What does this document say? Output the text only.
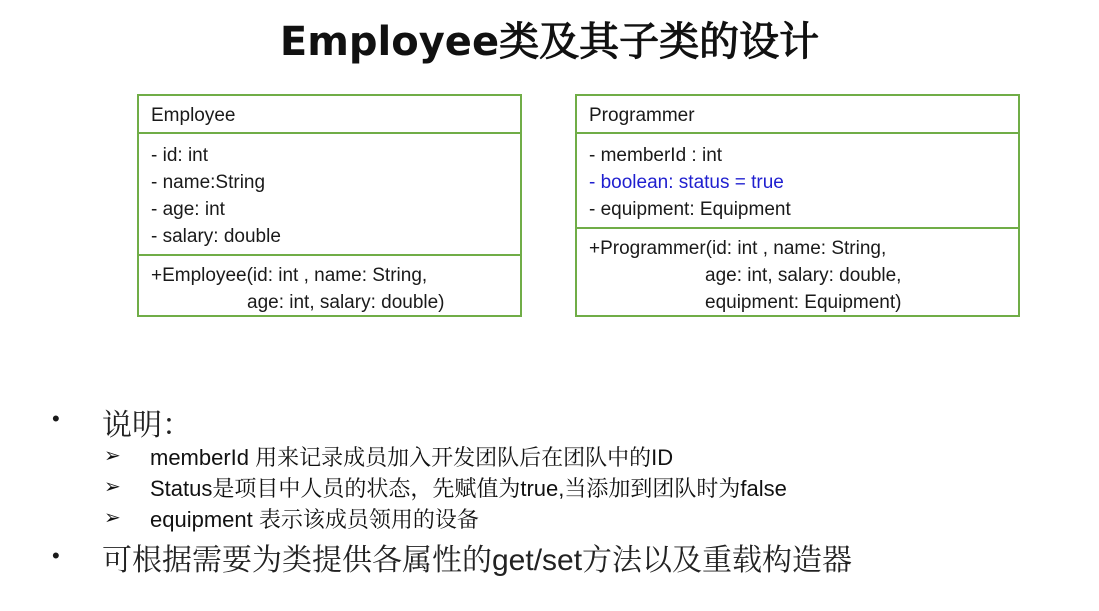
Employee类及其子类的设计
Employee
- id: int
- name:String
- age: int
- salary: double
+Employee(id: int , name: String,
age: int, salary: double)
Programmer
- memberId : int
- boolean: status = true
- equipment: Equipment
+Programmer(id: int , name: String,
age: int, salary: double,
equipment: Equipment)
• 说明：
➢ memberId 用来记录成员加入开发团队后在团队中的ID
➢ Status是项目中人员的状态，先赋值为true,当添加到团队时为false
➢ equipment 表示该成员领用的设备
• 可根据需要为类提供各属性的get/set方法以及重载构造器
